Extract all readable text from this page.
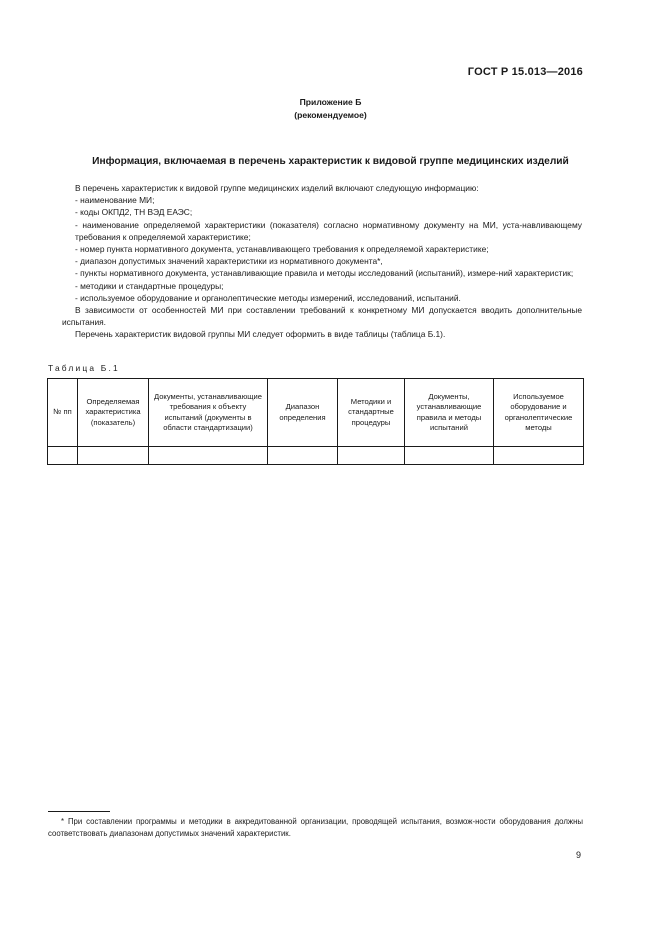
ГОСТ Р 15.013—2016
Приложение Б
(рекомендуемое)
Информация, включаемая в перечень характеристик к видовой группе медицинских изделий
В перечень характеристик к видовой группе медицинских изделий включают следующую информацию:
- наименование МИ;
- коды ОКПД2, ТН ВЭД ЕАЭС;
- наименование определяемой характеристики (показателя) согласно нормативному документу на МИ, уста-навливающему требования к определяемой характеристике;
- номер пункта нормативного документа, устанавливающего требования к определяемой характеристике;
- диапазон допустимых значений характеристики из нормативного документа*,
- пункты нормативного документа, устанавливающие правила и методы исследований (испытаний), измере-ний характеристик;
- методики и стандартные процедуры;
- используемое оборудование и органолептические методы измерений, исследований, испытаний.
В зависимости от особенностей МИ при составлении требований к конкретному МИ допускается вводить дополнительные испытания.
Перечень характеристик видовой группы МИ следует оформить в виде таблицы (таблица Б.1).
Таблица Б.1
№ пп	Определяемая характеристика (показатель)	Документы, устанавливающие требования к объекту испытаний (документы в области стандартизации)	Диапазон определения	Методики и стандартные процедуры	Документы, устанавливающие правила и методы испытаний	Используемое оборудование и органолептические методы

* При составлении программы и методики в аккредитованной организации, проводящей испытания, возмож-ности оборудования должны соответствовать диапазонам допустимых значений характеристик.
9
